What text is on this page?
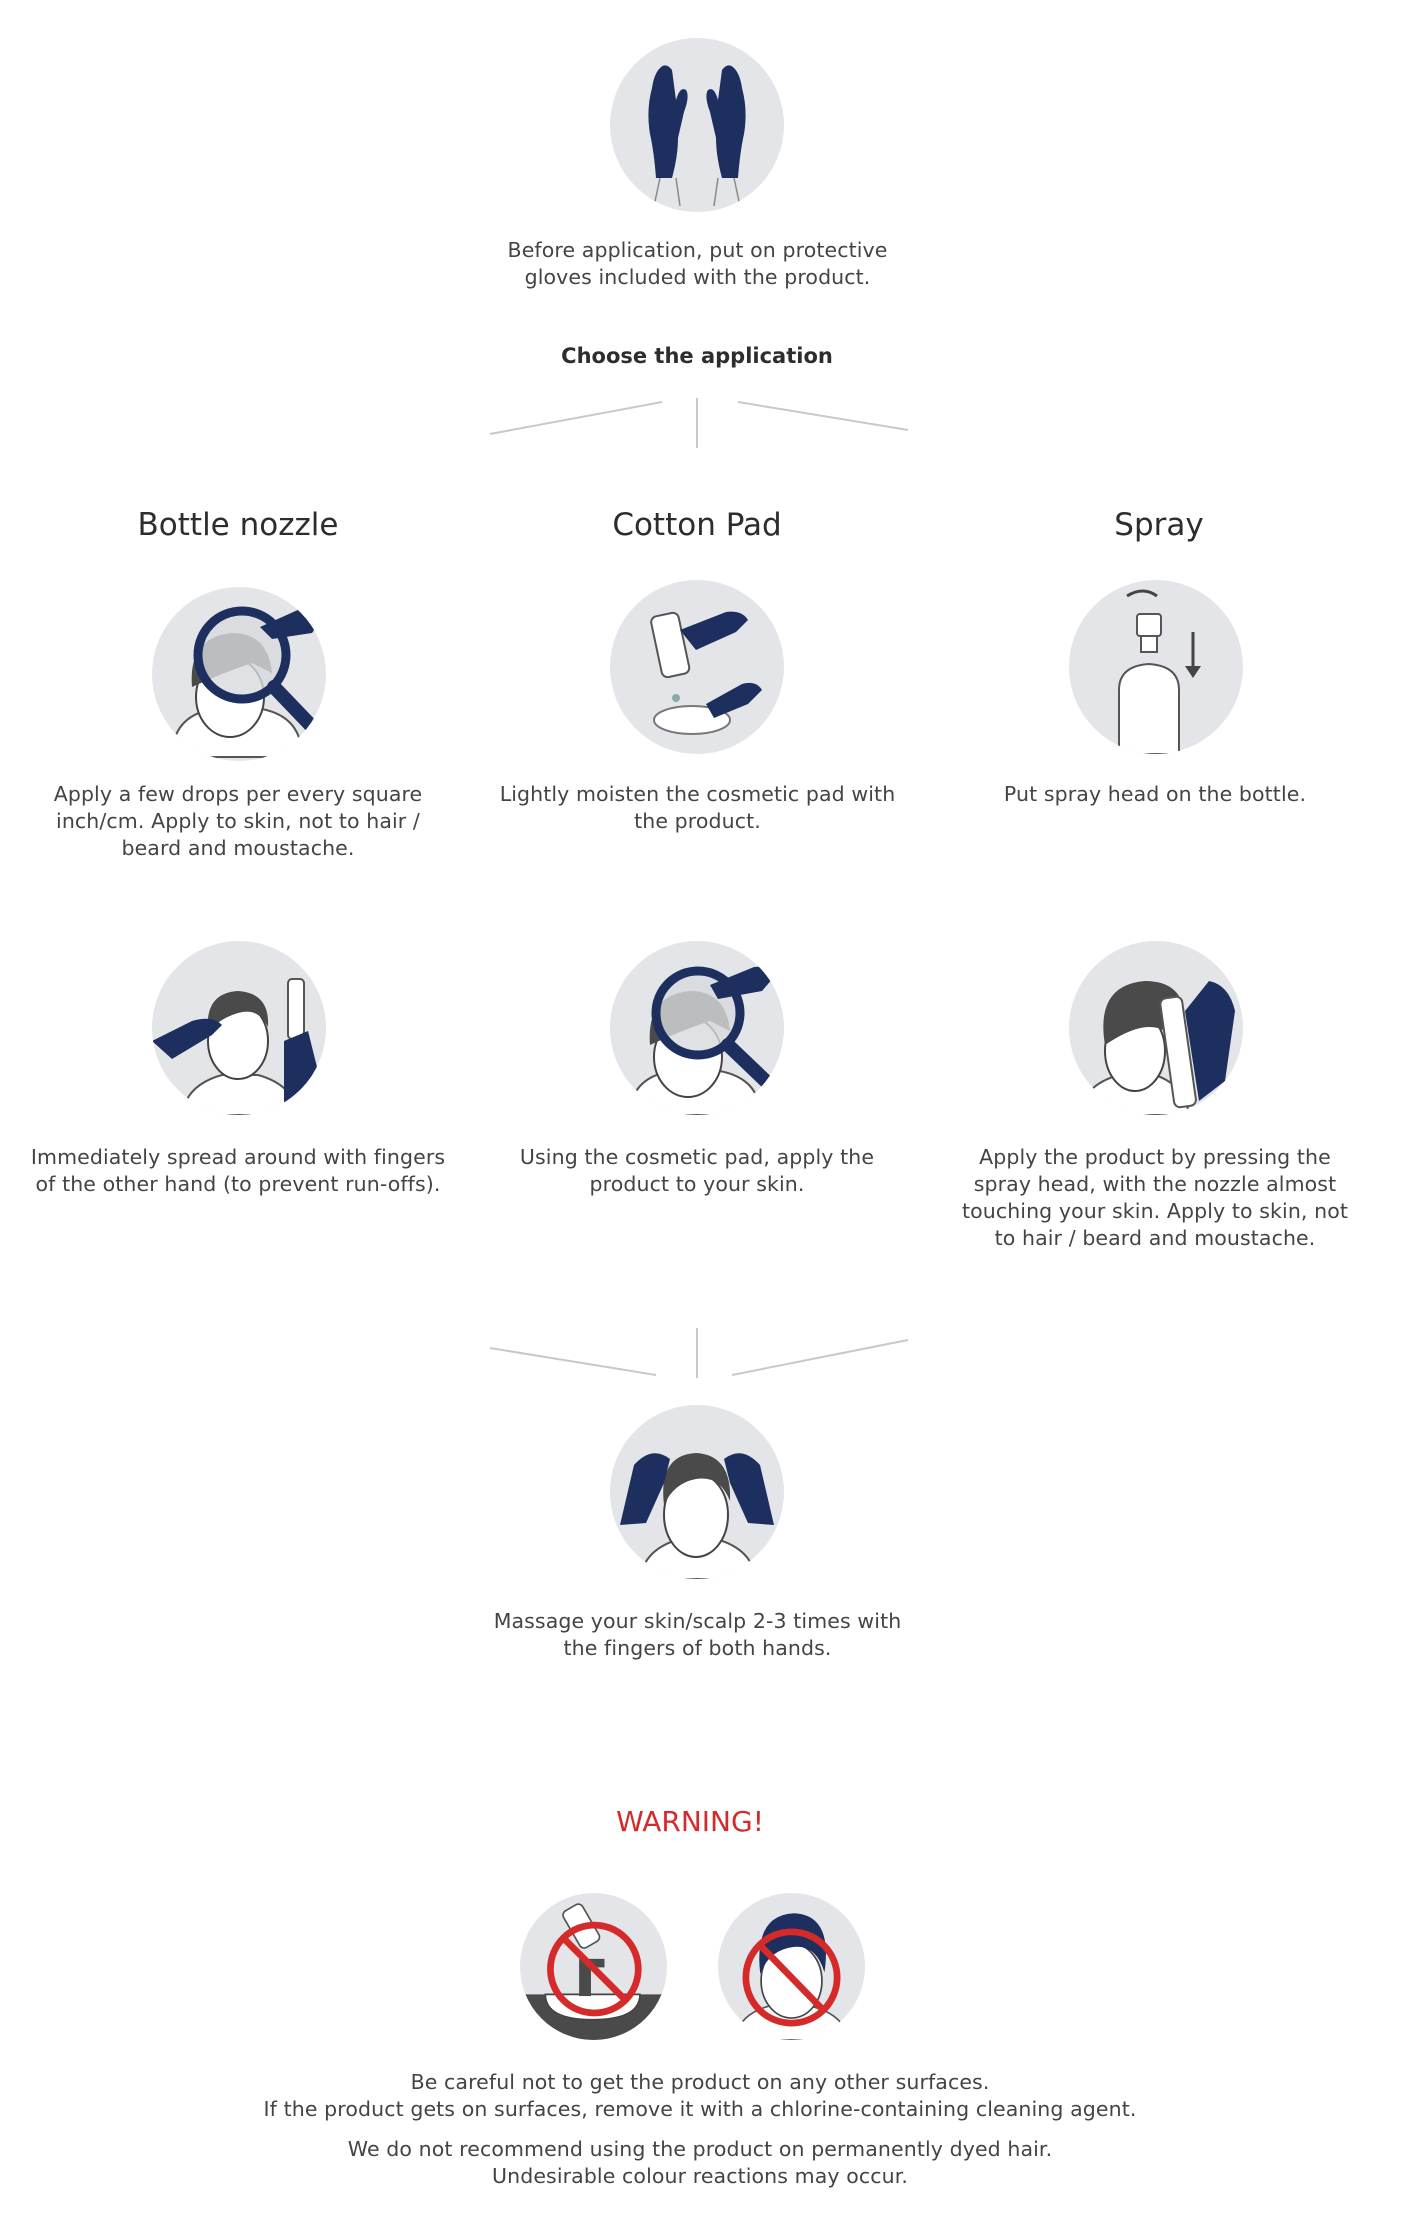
Before application, put on protective gloves included with the product.
Choose the application
Bottle nozzle	Cotton Pad	Spray
Apply a few drops per every square inch/cm. Apply to skin, not to hair / beard and moustache.
Lightly moisten the cosmetic pad with the product.
Put spray head on the bottle.
Immediately spread around with fingers of the other hand (to prevent run-offs).
Using the cosmetic pad, apply the product to your skin.
Apply the product by pressing the spray head, with the nozzle almost touching your skin. Apply to skin, not to hair / beard and moustache.
Massage your skin/scalp 2-3 times with the fingers of both hands.
WARNING!
Be careful not to get the product on any other surfaces.
If the product gets on surfaces, remove it with a chlorine-containing cleaning agent.
We do not recommend using the product on permanently dyed hair.
Undesirable colour reactions may occur.
